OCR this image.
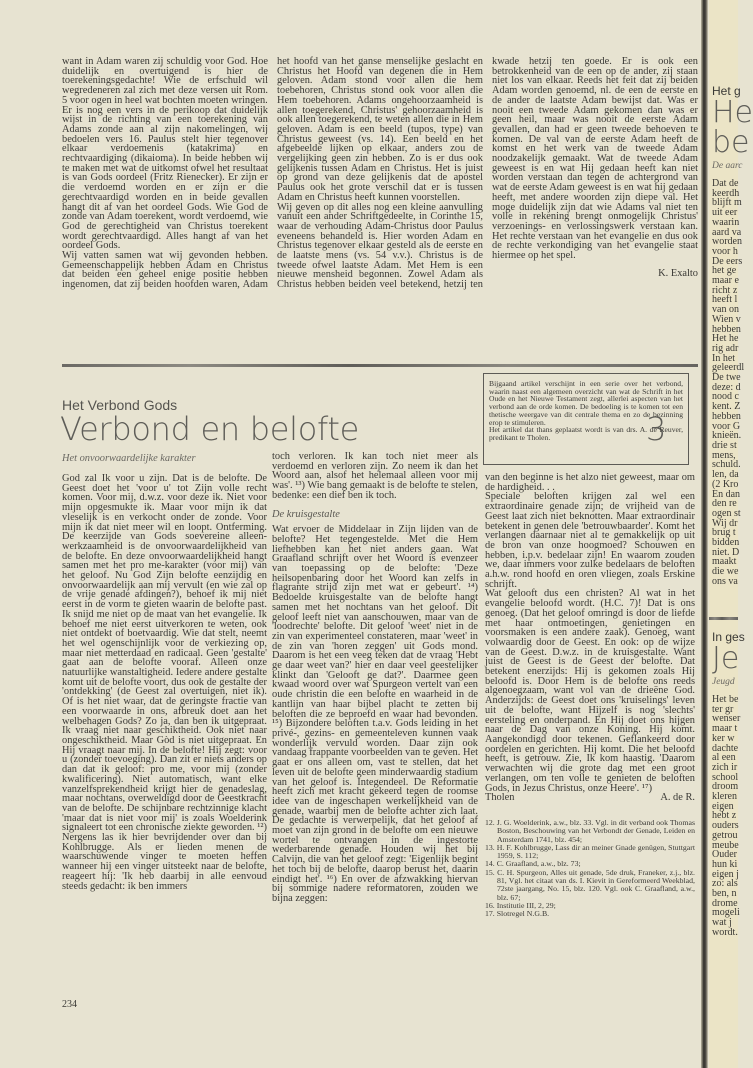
want in Adam waren zij schuldig voor God. Hoe duidelijk en overtuigend is hier de toerekeningsgedachte! Wie de erfschuld wil wegredeneren zal zich met deze versen uit Rom. 5 voor ogen in heel wat bochten moeten wringen.

Er is nog een vers in de perikoop dat duidelijk wijst in de richting van een toerekening van Adams zonde aan al zijn nakomelingen, wij bedoelen vers 16. Paulus stelt hier tegenover elkaar verdoemenis (katakrima) en rechtvaardiging (dikaioma). In beide hebben wij te maken met wat de uitkomst ofwel het resultaat is van Gods oordeel (Fritz Rienecker). Er zijn er die verdoemd worden en er zijn er die gerechtvaardigd worden en in beide gevallen hangt dit af van het oordeel Gods. Wie God de zonde van Adam toerekent, wordt verdoemd, wie God de gerechtigheid van Christus toerekent wordt gerechtvaardigd. Alles hangt af van het oordeel Gods.

Wij vatten samen wat wij gevonden hebben. Gemeenschappelijk hebben Adam en Christus dat beiden een geheel enige positie hebben ingenomen, dat zij beiden hoofden waren, Adam het hoofd van het ganse menselijke geslacht en Christus het Hoofd van degenen die in Hem geloven. Adam stond voor allen die hem toebehoren, Christus stond ook voor allen die Hem toebehoren. Adams ongehoorzaamheid is allen toegerekend, Christus' gehoorzaamheid is ook allen toegerekend, te weten allen die in Hem geloven. Adam is een beeld (tupos, type) van Christus geweest (vs. 14). Een beeld en het afgebeelde lijken op elkaar, anders zou de vergelijking geen zin hebben. Zo is er dus ook gelijkenis tussen Adam en Christus. Het is juist op grond van deze gelijkenis dat de apostel Paulus ook het grote verschil dat er is tussen Adam en Christus heeft kunnen voorstellen.

Wij geven op dit alles nog een kleine aanvulling vanuit een ander Schriftgedeelte, in Corinthe 15, waar de verhouding Adam-Christus door Paulus eveneens behandeld is. Hier worden Adam en Christus tegenover elkaar gesteld als de eerste en de laatste mens (vs. 54 v.v.). Christus is de tweede ofwel laatste Adam. Met Hem is een nieuwe mensheid begonnen. Zowel Adam als Christus hebben beiden veel betekend, hetzij ten kwade hetzij ten goede. Er is ook een betrokkenheid van de een op de ander, zij staan niet los van elkaar. Reeds het feit dat zij beiden Adam worden genoemd, nl. de een de eerste en de ander de laatste Adam bewijst dat. Was er nooit een tweede Adam gekomen dan was er geen heil, maar was nooit de eerste Adam gevallen, dan had er geen tweede behoeven te komen. De val van de eerste Adam heeft de komst en het werk van de tweede Adam noodzakelijk gemaakt. Wat de tweede Adam geweest is en wat Hij gedaan heeft kan niet worden verstaan dan tegen de achtergrond van wat de eerste Adam geweest is en wat hij gedaan heeft, met andere woorden zijn diepe val. Het moge duidelijk zijn dat wie Adams val niet ten volle in rekening brengt onmogelijk Christus' verzoenings- en verlossingswerk verstaan kan. Het rechte verstaan van het evangelie en dus ook de rechte verkondiging van het evangelie staat hiermee op het spel.

K. Exalto

Het Verbond Gods
Verbond en belofte	3
Het onvoorwaardelijke karakter

God zal Ik voor u zijn. Dat is de belofte. De Geest doet het 'voor u' tot Zijn volle recht komen. Voor mij, d.w.z. voor deze ik. Niet voor mijn opgesmukte ik. Maar voor mijn ik dat vleselijk is en verkocht onder de zonde. Voor mijn ik dat niet meer wil en loopt. Ontferming. De keerzijde van Gods soevereine alleen-werkzaamheid is de onvoorwaardelijkheid van de belofte. En deze onvoorwaardelijkheid hangt samen met het pro me-karakter (voor mij) van het geloof. Nu God Zijn belofte eenzijdig en onvoorwaardelijk aan mij vervult (en wie zal op de vrije genade afdingen?), behoef ik mij niet eerst in de vorm te gieten waarin de belofte past. Ik snijd me niet op de maat van het evangelie. Ik behoef me niet eerst uitverkoren te weten, ook niet ontdekt of boetvaardig. Wie dat stelt, neemt het wel ogenschijnlijk voor de verkiezing op, maar niet metterdaad en radicaal. Geen 'gestalte' gaat aan de belofte vooraf. Alleen onze natuurlijke wanstaltigheid. Iedere andere gestalte komt uit de belofte voort, dus ook de gestalte der 'ontdekking' (de Geest zal overtuigen, niet ik). Of is het niet waar, dat de geringste fractie van een voorwaarde in ons, afbreuk doet aan het welbehagen Gods? Zo ja, dan ben ik uitgepraat. Ik vraag niet naar geschiktheid. Ook niet naar ongeschiktheid. Maar Gòd is niet uitgepraat. En Hij vraagt naar mij. In de belofte! Hij zegt: voor u (zonder toevoeging). Dan zit er niets anders op dan dat ik geloof: pro me, voor mij (zonder kwalificering). Niet automatisch, want elke vanzelfsprekendheid krijgt hier de genadeslag, maar nochtans, overweldigd door de Geestkracht van de belofte. De schijnbare rechtzinnige klacht 'maar dat is niet voor mij' is zoals Woelderink signaleert tot een chronische ziekte geworden. ¹²) Nergens las ik hier bevrijdender over dan bij Kohlbrugge. Als er lieden menen de waarschuwende vinger te moeten heffen wanneer hij een vinger uitsteekt naar de belofte, reageert hij: 'Ik heb daarbij in alle eenvoud steeds gedacht: ik ben immers

toch verloren. Ik kan toch niet meer als verdoemd en verloren zijn. Zo neem ik dan het Woord aan, alsof het helemaal alleen voor mij was'. ¹³) Wie bang gemaakt is de belofte te stelen, bedenke: een dief ben ik toch.

De kruisgestalte

Wat ervoer de Middelaar in Zijn lijden van de belofte? Het tegengestelde. Met die Hem liefhebben kan het niet anders gaan. Wat Graafland schrijft over het Woord is evenzeer van toepassing op de belofte: 'Deze heilsopenbaring door het Woord kan zelfs in flagrante strijd zijn met wat er gebeurt'. ¹⁴) Bedoelde kruisgestalte van de belofte hangt samen met het nochtans van het geloof. Dit geloof leeft niet van aanschouwen, maar van de 'loodrechte' belofte. Dit geloof 'weet' niet in de zin van experimenteel constateren, maar 'weet' in de zin van 'horen zeggen' uit Gods mond. Daarom is het een veeg teken dat de vraag 'Hebt ge daar weet van?' hier en daar veel geestelijker klinkt dan 'Gelooft ge dat?'. Daarmee geen kwaad woord over wat Spurgeon vertelt van een oude christin die een belofte en waarheid in de kantlijn van haar bijbel placht te zetten bij beloften die ze beproefd en waar had bevonden. ¹⁵) Bijzondere beloften t.a.v. Gods leiding in het privé-, gezins- en gemeenteleven kunnen vaak wonderlijk vervuld worden. Daar zijn ook vandaag frappante voorbeelden van te geven. Het gaat er ons alleen om, vast te stellen, dat het leven uit de belofte geen minderwaardig stadium van het geloof is. Integendeel. De Reformatie heeft zich met kracht gekeerd tegen de roomse idee van de ingeschapen werkelijkheid van de genade, waarbij men de belofte achter zich laat. De gedachte is verwerpelijk, dat het geloof af moet van zijn grond in de belofte om een nieuwe wortel te ontvangen in de ingestorte wederbarende genade. Houden wij het bij Calvijn, die van het geloof zegt: 'Eigenlijk begint het toch bij de belofte, daarop berust het, daarin eindigt het'. ¹⁶) En over de afzwakking hiervan bij sommige nadere reformatoren, zouden we bijna zeggen:

Bijgaand artikel verschijnt in een serie over het verbond, waarin naast een algemeen overzicht van wat de Schrift in het Oude en het Nieuwe Testament zegt, allerlei aspecten van het verbond aan de orde komen. De bedoeling is te komen tot een thetische weergave van dit centrale thema en zo de bezinning erop te stimuleren.

Het artikel dat thans geplaatst wordt is van drs. A. de Reuver, predikant te Tholen.

van den beginne is het alzo niet geweest, maar om de hardigheid. . .

Speciale beloften krijgen zal wel een extraordinaire genade zijn; de vrijheid van de Geest laat zich niet beknotten. Maar extraordinair betekent in genen dele 'betrouwbaarder'. Komt het verlangen daarnaar niet al te gemakkelijk op uit de bron van onze hoogmoed? Schouwen en hebben, i.p.v. bedelaar zijn! En waarom zouden we, daar immers voor zulke bedelaars de beloften a.h.w. rond hoofd en oren vliegen, zoals Erskine schrijft.

Wat gelooft dus een christen? Al wat in het evangelie beloofd wordt. (H.C. 7)! Dat is ons genoeg. (Dat het geloof omringd is door de liefde met haar ontmoetingen, genietingen en voorsmaken is een andere zaak). Genoeg, want volwaardig door de Geest. En ook: op de wijze van de Geest. D.w.z. in de kruisgestalte. Want juist de Geest is de Geest der belofte. Dat betekent enerzijds: Hij is gekomen zoals Hij beloofd is. Door Hem is de belofte ons reeds algenoegzaam, want vol van de drieëne God. Anderzijds: de Geest doet ons 'kruiselings' leven uit de belofte, want Hijzelf is nog 'slechts' eersteling en onderpand. En Hij doet ons hijgen naar de Dag van onze Koning. Hij komt. Aangekondigd door tekenen. Geflankeerd door oordelen en gerichten. Hij komt. Die het beloofd heeft, is getrouw. Zie, Ik kom haastig. 'Daarom verwachten wij die grote dag met een groot verlangen, om ten volle te genieten de beloften Gods, in Jezus Christus, onze Heere'. ¹⁷)

Tholen	A. de R.

12. J. G. Woelderink, a.w., blz. 33. Vgl. in dit verband ook Thomas Boston, Beschouwing van het Verbondt der Genade, Leiden en Amsterdam 1741, blz. 454;
13. H. F. Kohlbrugge, Lass dir an meiner Gnade genügen, Stuttgart 1959, S. 112;
14. C. Graafland, a.w., blz. 73;
15. C. H. Spurgeon, Alles uit genade, 5de druk, Franeker, z.j., blz. 81, Vgl. het citaat van ds. I. Kievit in Gereformeerd Weekblad, 72ste jaargang, No. 15, blz. 120. Vgl. ook C. Graafland, a.w., blz. 67;
16. Institutie III, 2, 29;
17. Slotregel N.G.B.
234
Het g
He
be
De aarc
Dat de
keerdh
blijft m
uit eer
waarin
aard va
worden
voor h
De eers
het ge
maar e
richt z
heeft l
van on
Wien v
hebben
Het he
rig adr
In het
geleerdl
De twe
deze: d
nood c
kent. Z
hebben
voor G
knieën.
drie st
mens,
schuld.
len, da
(2 Kro
En dan
den re
ogen st
Wij dr
brug t
bidden
niet. D
maakt
die we
ons va
In ges
Je
Jeugd
Het be
ter gr
wenser
maar t
ker w
dachte
al een
zich ir
school
droom
kleren
eigen
hebt z
ouders
getrou
meube
Ouder
hun ki
eigen j
zo: als
ben, n
drome
mogeli
wat j
wordt.
